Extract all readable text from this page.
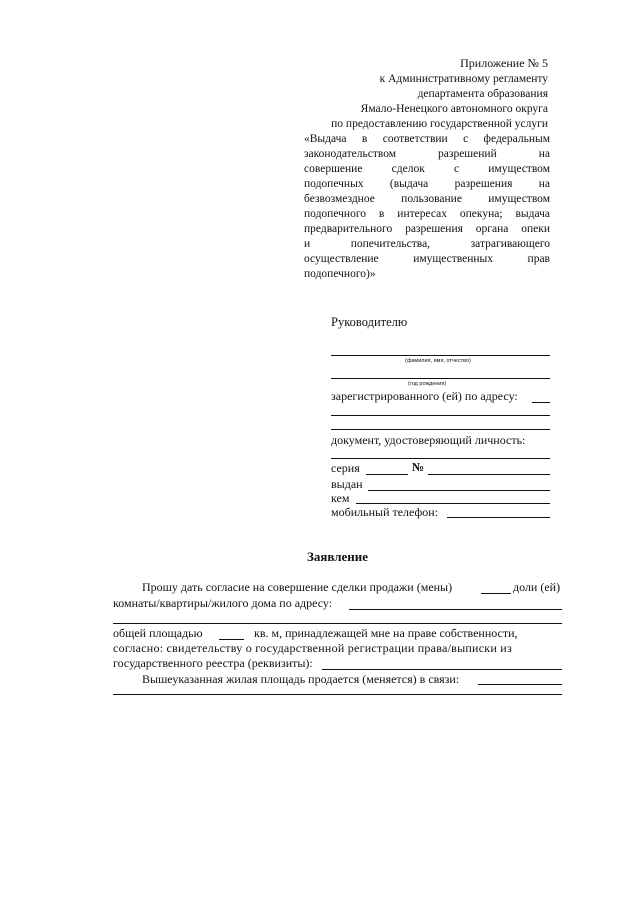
Приложение № 5
к Административному регламенту
департамента образования
Ямало-Ненецкого автономного округа
по предоставлению государственной услуги
«Выдача в соответствии с федеральным
законодательством разрешений на
совершение сделок с имуществом
подопечных (выдача разрешения на
безвозмездное пользование имуществом
подопечного в интересах опекуна; выдача
предварительного разрешения органа опеки
и попечительства, затрагивающего
осуществление имущественных прав
подопечного)»
Руководителю
(фамилия, имя, отчество)
(год рождения)
зарегистрированного (ей) по адресу:
документ, удостоверяющий личность:
серия	№
выдан
кем
мобильный телефон:
Заявление
Прошу дать согласие на совершение сделки продажи (мены)	доли (ей)
комнаты/квартиры/жилого дома по адресу:
общей площадью	кв. м, принадлежащей мне на праве собственности,
согласно: свидетельству о государственной регистрации права/выписки из
государственного реестра (реквизиты):
Вышеуказанная жилая площадь продается (меняется) в связи:
